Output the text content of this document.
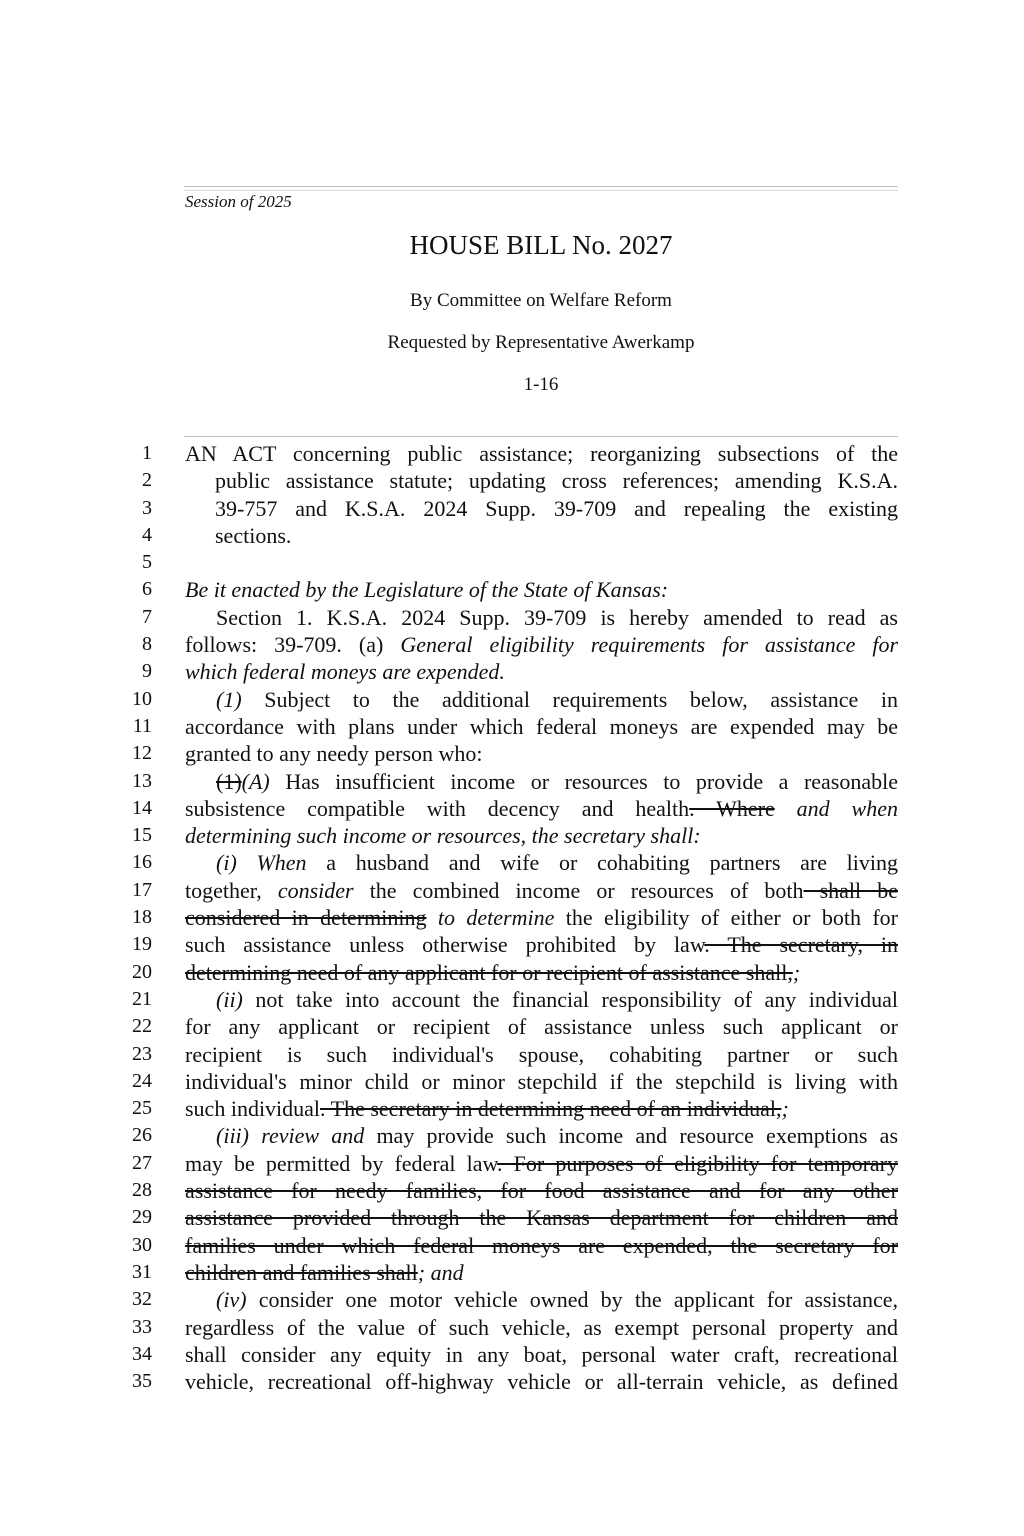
Session of 2025
HOUSE BILL No. 2027
By Committee on Welfare Reform
Requested by Representative Awerkamp
1-16
1
2
3
4
5
6
7
8
9
10
11
12
13
14
15
16
17
18
19
20
21
22
23
24
25
26
27
28
29
30
31
32
33
34
35
AN ACT concerning public assistance; reorganizing subsections of the
public assistance statute; updating cross references; amending K.S.A.
39-757 and K.S.A. 2024 Supp. 39-709 and repealing the existing
sections.
Be it enacted by the Legislature of the State of Kansas:
Section 1. K.S.A. 2024 Supp. 39-709 is hereby amended to read as
follows: 39-709. (a) General eligibility requirements for assistance for
which federal moneys are expended.
(1) Subject to the additional requirements below, assistance in
accordance with plans under which federal moneys are expended may be
granted to any needy person who:
(1)(A) Has insufficient income or resources to provide a reasonable
subsistence compatible with decency and health. Where and when
determining such income or resources, the secretary shall:
(i) When a husband and wife or cohabiting partners are living
together, consider the combined income or resources of both shall be
considered in determining to determine the eligibility of either or both for
such assistance unless otherwise prohibited by law. The secretary, in
determining need of any applicant for or recipient of assistance shall,;
(ii) not take into account the financial responsibility of any individual
for any applicant or recipient of assistance unless such applicant or
recipient is such individual's spouse, cohabiting partner or such
individual's minor child or minor stepchild if the stepchild is living with
such individual. The secretary in determining need of an individual,;
(iii) review and may provide such income and resource exemptions as
may be permitted by federal law. For purposes of eligibility for temporary
assistance for needy families, for food assistance and for any other
assistance provided through the Kansas department for children and
families under which federal moneys are expended, the secretary for
children and families shall; and
(iv) consider one motor vehicle owned by the applicant for assistance,
regardless of the value of such vehicle, as exempt personal property and
shall consider any equity in any boat, personal water craft, recreational
vehicle, recreational off-highway vehicle or all-terrain vehicle, as defined
